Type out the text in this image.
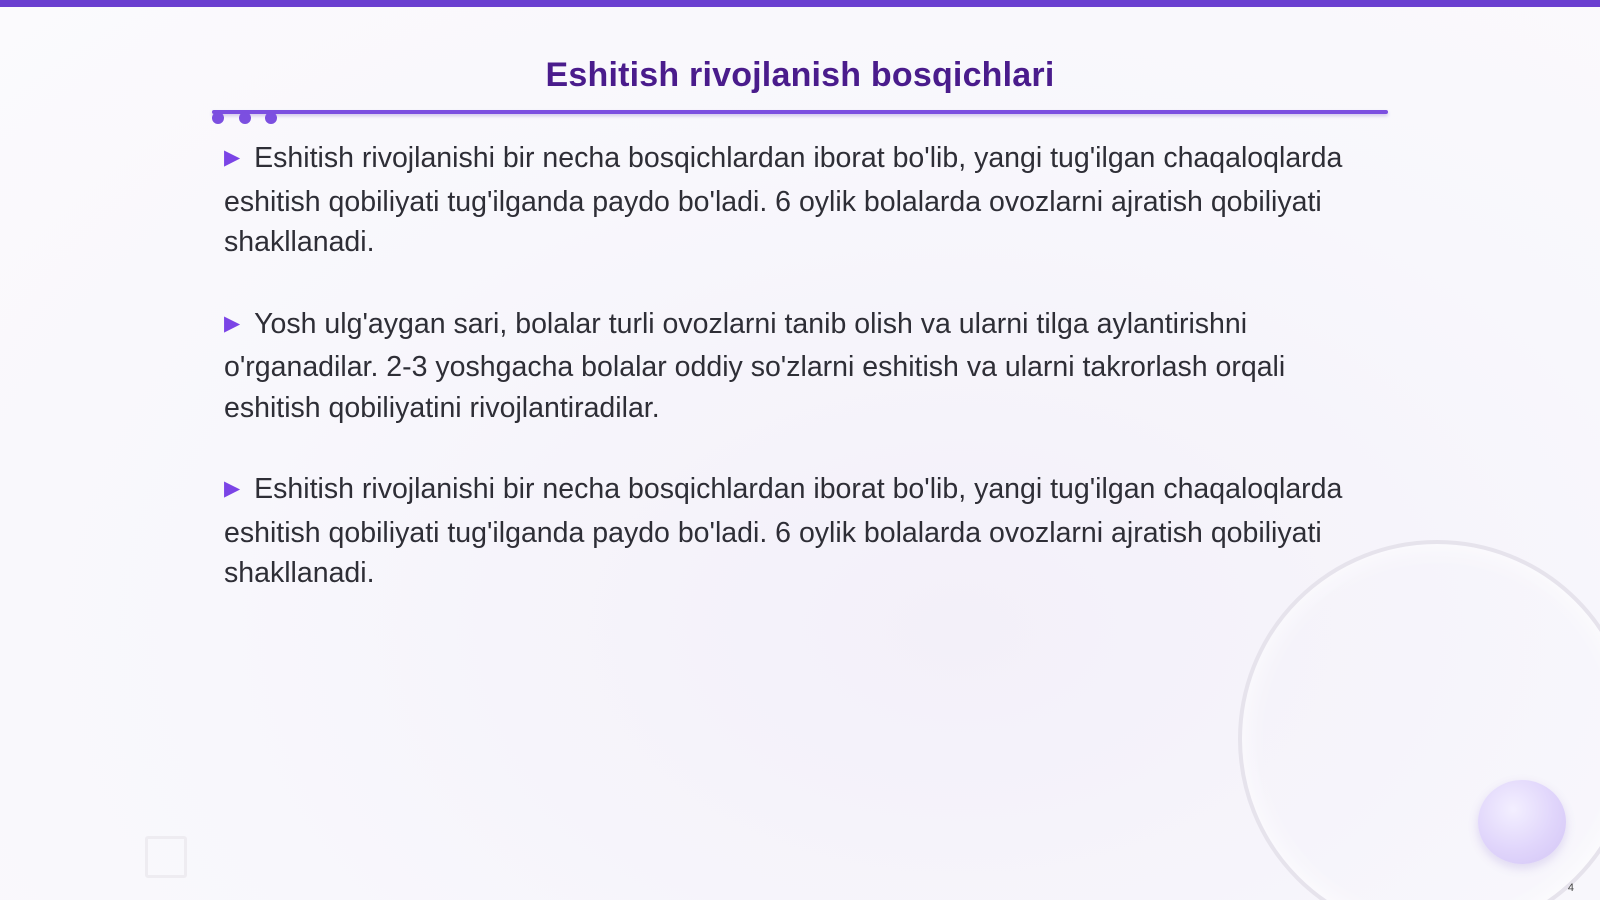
Eshitish rivojlanish bosqichlari

▶ Eshitish rivojlanishi bir necha bosqichlardan iborat bo'lib, yangi tug'ilgan chaqaloqlarda eshitish qobiliyati tug'ilganda paydo bo'ladi. 6 oylik bolalarda ovozlarni ajratish qobiliyati shakllanadi.

▶ Yosh ulg'aygan sari, bolalar turli ovozlarni tanib olish va ularni tilga aylantirishni o'rganadilar. 2-3 yoshgacha bolalar oddiy so'zlarni eshitish va ularni takrorlash orqali eshitish qobiliyatini rivojlantiradilar.

▶ Eshitish rivojlanishi bir necha bosqichlardan iborat bo'lib, yangi tug'ilgan chaqaloqlarda eshitish qobiliyati tug'ilganda paydo bo'ladi. 6 oylik bolalarda ovozlarni ajratish qobiliyati shakllanadi.

4
